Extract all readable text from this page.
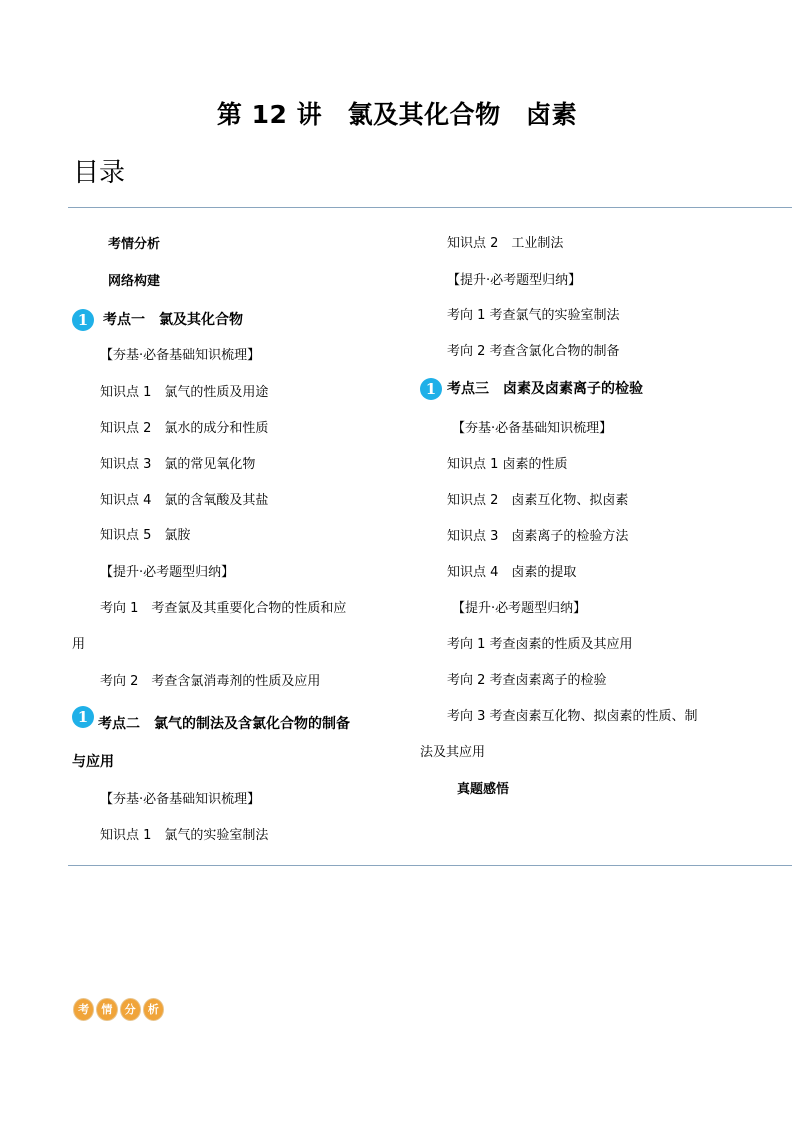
第 12 讲　氯及其化合物　卤素
目录
考情分析
网络构建
1	考点一　氯及其化合物
【夯基·必备基础知识梳理】
知识点 1　氯气的性质及用途
知识点 2　氯水的成分和性质
知识点 3　氯的常见氧化物
知识点 4　氯的含氧酸及其盐
知识点 5　氯胺
【提升·必考题型归纳】
考向 1　考查氯及其重要化合物的性质和应
用
考向 2　考查含氯消毒剂的性质及应用
1 考点二　氯气的制法及含氯化合物的制备
与应用
【夯基·必备基础知识梳理】
知识点 1　氯气的实验室制法
知识点 2　工业制法
【提升·必考题型归纳】
考向 1 考查氯气的实验室制法
考向 2 考查含氯化合物的制备
1 考点三　卤素及卤素离子的检验
【夯基·必备基础知识梳理】
知识点 1 卤素的性质
知识点 2　卤素互化物、拟卤素
知识点 3　卤素离子的检验方法
知识点 4　卤素的提取
【提升·必考题型归纳】
考向 1 考查卤素的性质及其应用
考向 2 考查卤素离子的检验
考向 3 考查卤素互化物、拟卤素的性质、制
法及其应用
真题感悟
考	情	分	析
